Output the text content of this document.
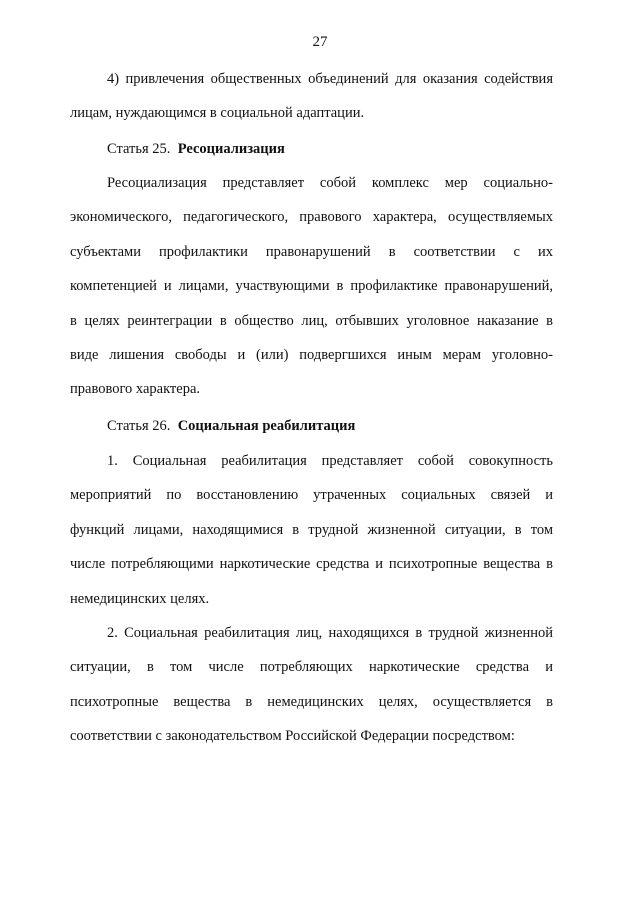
27
4) привлечения общественных объединений для оказания содействия
лицам, нуждающимся в социальной адаптации.
Статья 25. Ресоциализация
Ресоциализация представляет собой комплекс мер социально-
экономического, педагогического, правового характера, осуществляемых
субъектами профилактики правонарушений в соответствии с их
компетенцией и лицами, участвующими в профилактике правонарушений,
в целях реинтеграции в общество лиц, отбывших уголовное наказание в
виде лишения свободы и (или) подвергшихся иным мерам уголовно-
правового характера.
Статья 26. Социальная реабилитация
1. Социальная реабилитация представляет собой совокупность
мероприятий по восстановлению утраченных социальных связей и
функций лицами, находящимися в трудной жизненной ситуации, в том
числе потребляющими наркотические средства и психотропные вещества в
немедицинских целях.
2. Социальная реабилитация лиц, находящихся в трудной жизненной
ситуации, в том числе потребляющих наркотические средства и
психотропные вещества в немедицинских целях, осуществляется в
соответствии с законодательством Российской Федерации посредством:
